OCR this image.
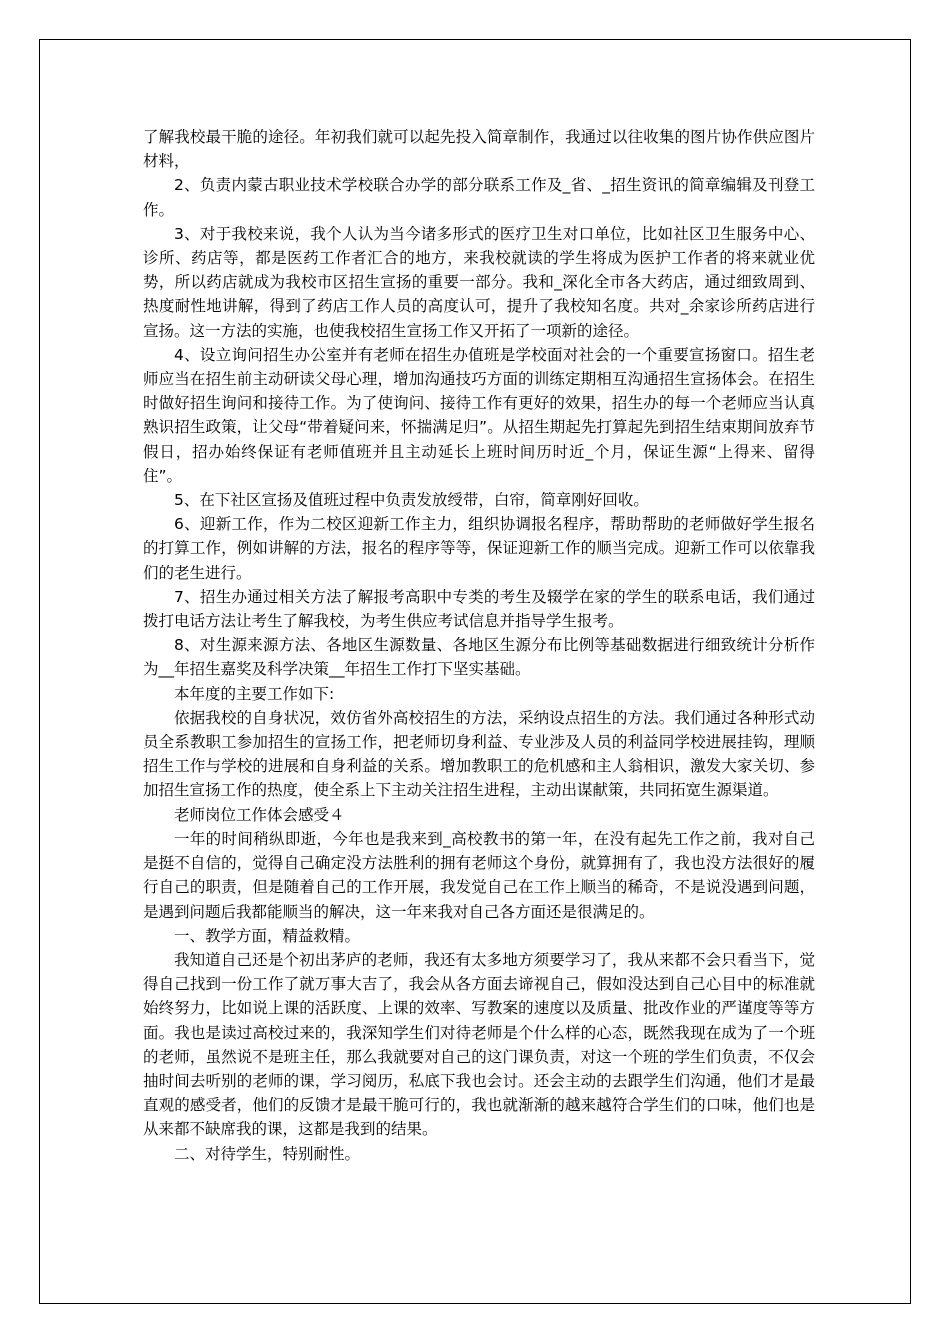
了解我校最干脆的途径。年初我们就可以起先投入简章制作，我通过以往收集的图片协作供应图片材料，

2、负责内蒙古职业技术学校联合办学的部分联系工作及_省、_招生资讯的简章编辑及刊登工作。

3、对于我校来说，我个人认为当今诸多形式的医疗卫生对口单位，比如社区卫生服务中心、诊所、药店等，都是医药工作者汇合的地方，来我校就读的学生将成为医护工作者的将来就业优势，所以药店就成为我校市区招生宣扬的重要一部分。我和_深化全市各大药店，通过细致周到、热度耐性地讲解，得到了药店工作人员的高度认可，提升了我校知名度。共对_余家诊所药店进行宣扬。这一方法的实施，也使我校招生宣扬工作又开拓了一项新的途径。

4、设立询问招生办公室并有老师在招生办值班是学校面对社会的一个重要宣扬窗口。招生老师应当在招生前主动研读父母心理，增加沟通技巧方面的训练定期相互沟通招生宣扬体会。在招生时做好招生询问和接待工作。为了使询问、接待工作有更好的效果，招生办的每一个老师应当认真熟识招生政策，让父母“带着疑问来，怀揣满足归”。从招生期起先打算起先到招生结束期间放弃节假日，招办始终保证有老师值班并且主动延长上班时间历时近_个月，保证生源“上得来、留得住”。

5、在下社区宣扬及值班过程中负责发放绶带，白帘，简章刚好回收。

6、迎新工作，作为二校区迎新工作主力，组织协调报名程序，帮助帮助的老师做好学生报名的打算工作，例如讲解的方法，报名的程序等等，保证迎新工作的顺当完成。迎新工作可以依靠我们的老生进行。

7、招生办通过相关方法了解报考高职中专类的考生及辍学在家的学生的联系电话，我们通过拨打电话方法让考生了解我校，为考生供应考试信息并指导学生报考。

8、对生源来源方法、各地区生源数量、各地区生源分布比例等基础数据进行细致统计分析作为__年招生嘉奖及科学决策__年招生工作打下坚实基础。

本年度的主要工作如下:

依据我校的自身状况，效仿省外高校招生的方法，采纳设点招生的方法。我们通过各种形式动员全系教职工参加招生的宣扬工作，把老师切身利益、专业涉及人员的利益同学校进展挂钩，理顺招生工作与学校的进展和自身利益的关系。增加教职工的危机感和主人翁相识，激发大家关切、参加招生宣扬工作的热度，使全系上下主动关注招生进程，主动出谋献策，共同拓宽生源渠道。

老师岗位工作体会感受４

一年的时间稍纵即逝，今年也是我来到_高校教书的第一年，在没有起先工作之前，我对自己是挺不自信的，觉得自己确定没方法胜利的拥有老师这个身份，就算拥有了，我也没方法很好的履行自己的职责，但是随着自己的工作开展，我发觉自己在工作上顺当的稀奇，不是说没遇到问题，是遇到问题后我都能顺当的解决，这一年来我对自己各方面还是很满足的。

一、教学方面，精益救精。

我知道自己还是个初出茅庐的老师，我还有太多地方须要学习了，我从来都不会只看当下，觉得自己找到一份工作了就万事大吉了，我会从各方面去谛视自己，假如没达到自己心目中的标准就始终努力，比如说上课的活跃度、上课的效率、写教案的速度以及质量、批改作业的严谨度等等方面。我也是读过高校过来的，我深知学生们对待老师是个什么样的心态，既然我现在成为了一个班的老师，虽然说不是班主任，那么我就要对自己的这门课负责，对这一个班的学生们负责，不仅会抽时间去听别的老师的课，学习阅历，私底下我也会讨。还会主动的去跟学生们沟通，他们才是最直观的感受者，他们的反馈才是最干脆可行的，我也就渐渐的越来越符合学生们的口味，他们也是从来都不缺席我的课，这都是我到的结果。

二、对待学生，特别耐性。
